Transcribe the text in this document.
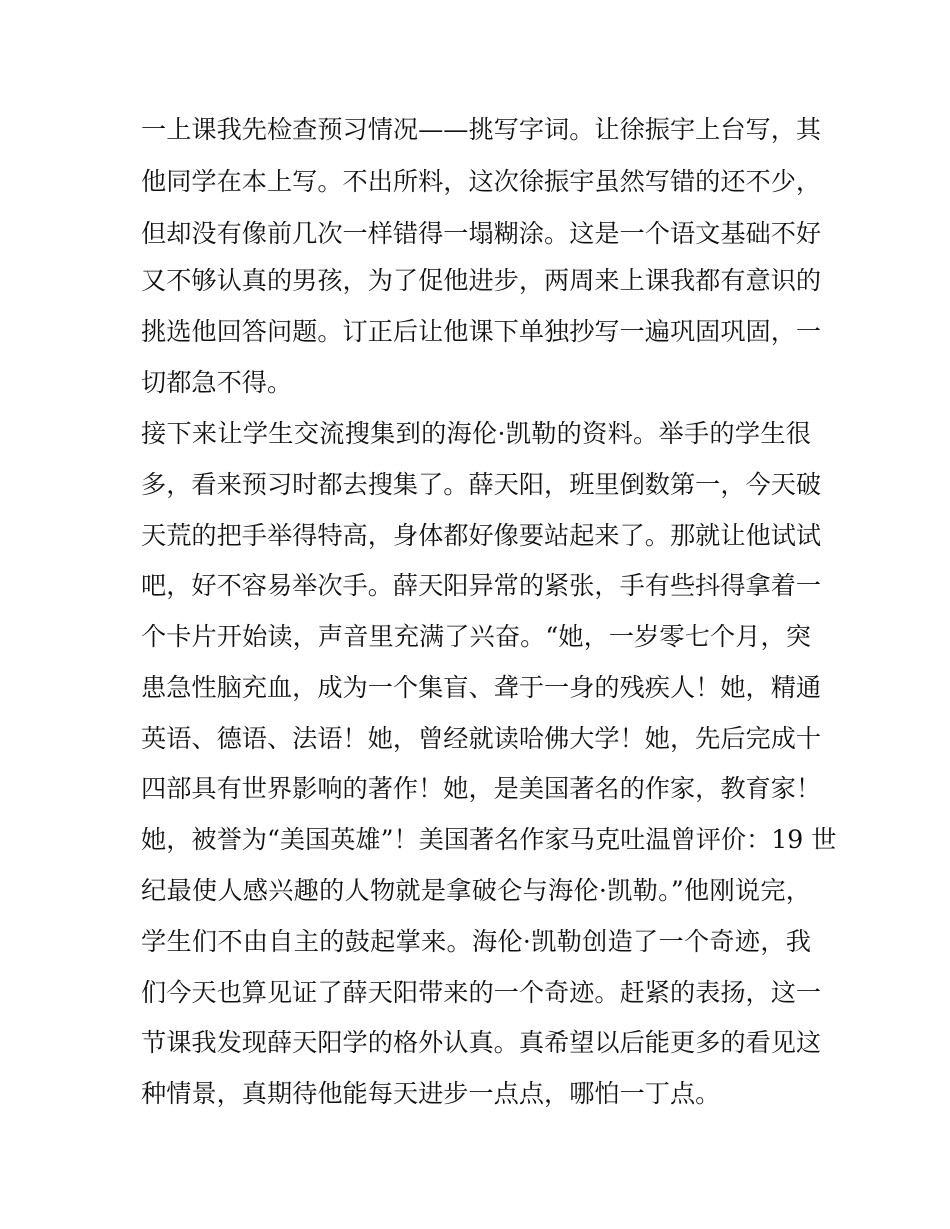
一上课我先检查预习情况——挑写字词。让徐振宇上台写，其

他同学在本上写。不出所料，这次徐振宇虽然写错的还不少，

但却没有像前几次一样错得一塌糊涂。这是一个语文基础不好

又不够认真的男孩，为了促他进步，两周来上课我都有意识的

挑选他回答问题。订正后让他课下单独抄写一遍巩固巩固，一

切都急不得。

接下来让学生交流搜集到的海伦·凯勒的资料。举手的学生很

多，看来预习时都去搜集了。薛天阳，班里倒数第一，今天破

天荒的把手举得特高，身体都好像要站起来了。那就让他试试

吧，好不容易举次手。薛天阳异常的紧张，手有些抖得拿着一

个卡片开始读，声音里充满了兴奋。“她，一岁零七个月，突

患急性脑充血，成为一个集盲、聋于一身的残疾人！她，精通

英语、德语、法语！她，曾经就读哈佛大学！她，先后完成十

四部具有世界影响的著作！她，是美国著名的作家，教育家！

她，被誉为“美国英雄”！美国著名作家马克吐温曾评价：19 世

纪最使人感兴趣的人物就是拿破仑与海伦·凯勒。”他刚说完，

学生们不由自主的鼓起掌来。海伦·凯勒创造了一个奇迹，我

们今天也算见证了薛天阳带来的一个奇迹。赶紧的表扬，这一

节课我发现薛天阳学的格外认真。真希望以后能更多的看见这

种情景，真期待他能每天进步一点点，哪怕一丁点。
